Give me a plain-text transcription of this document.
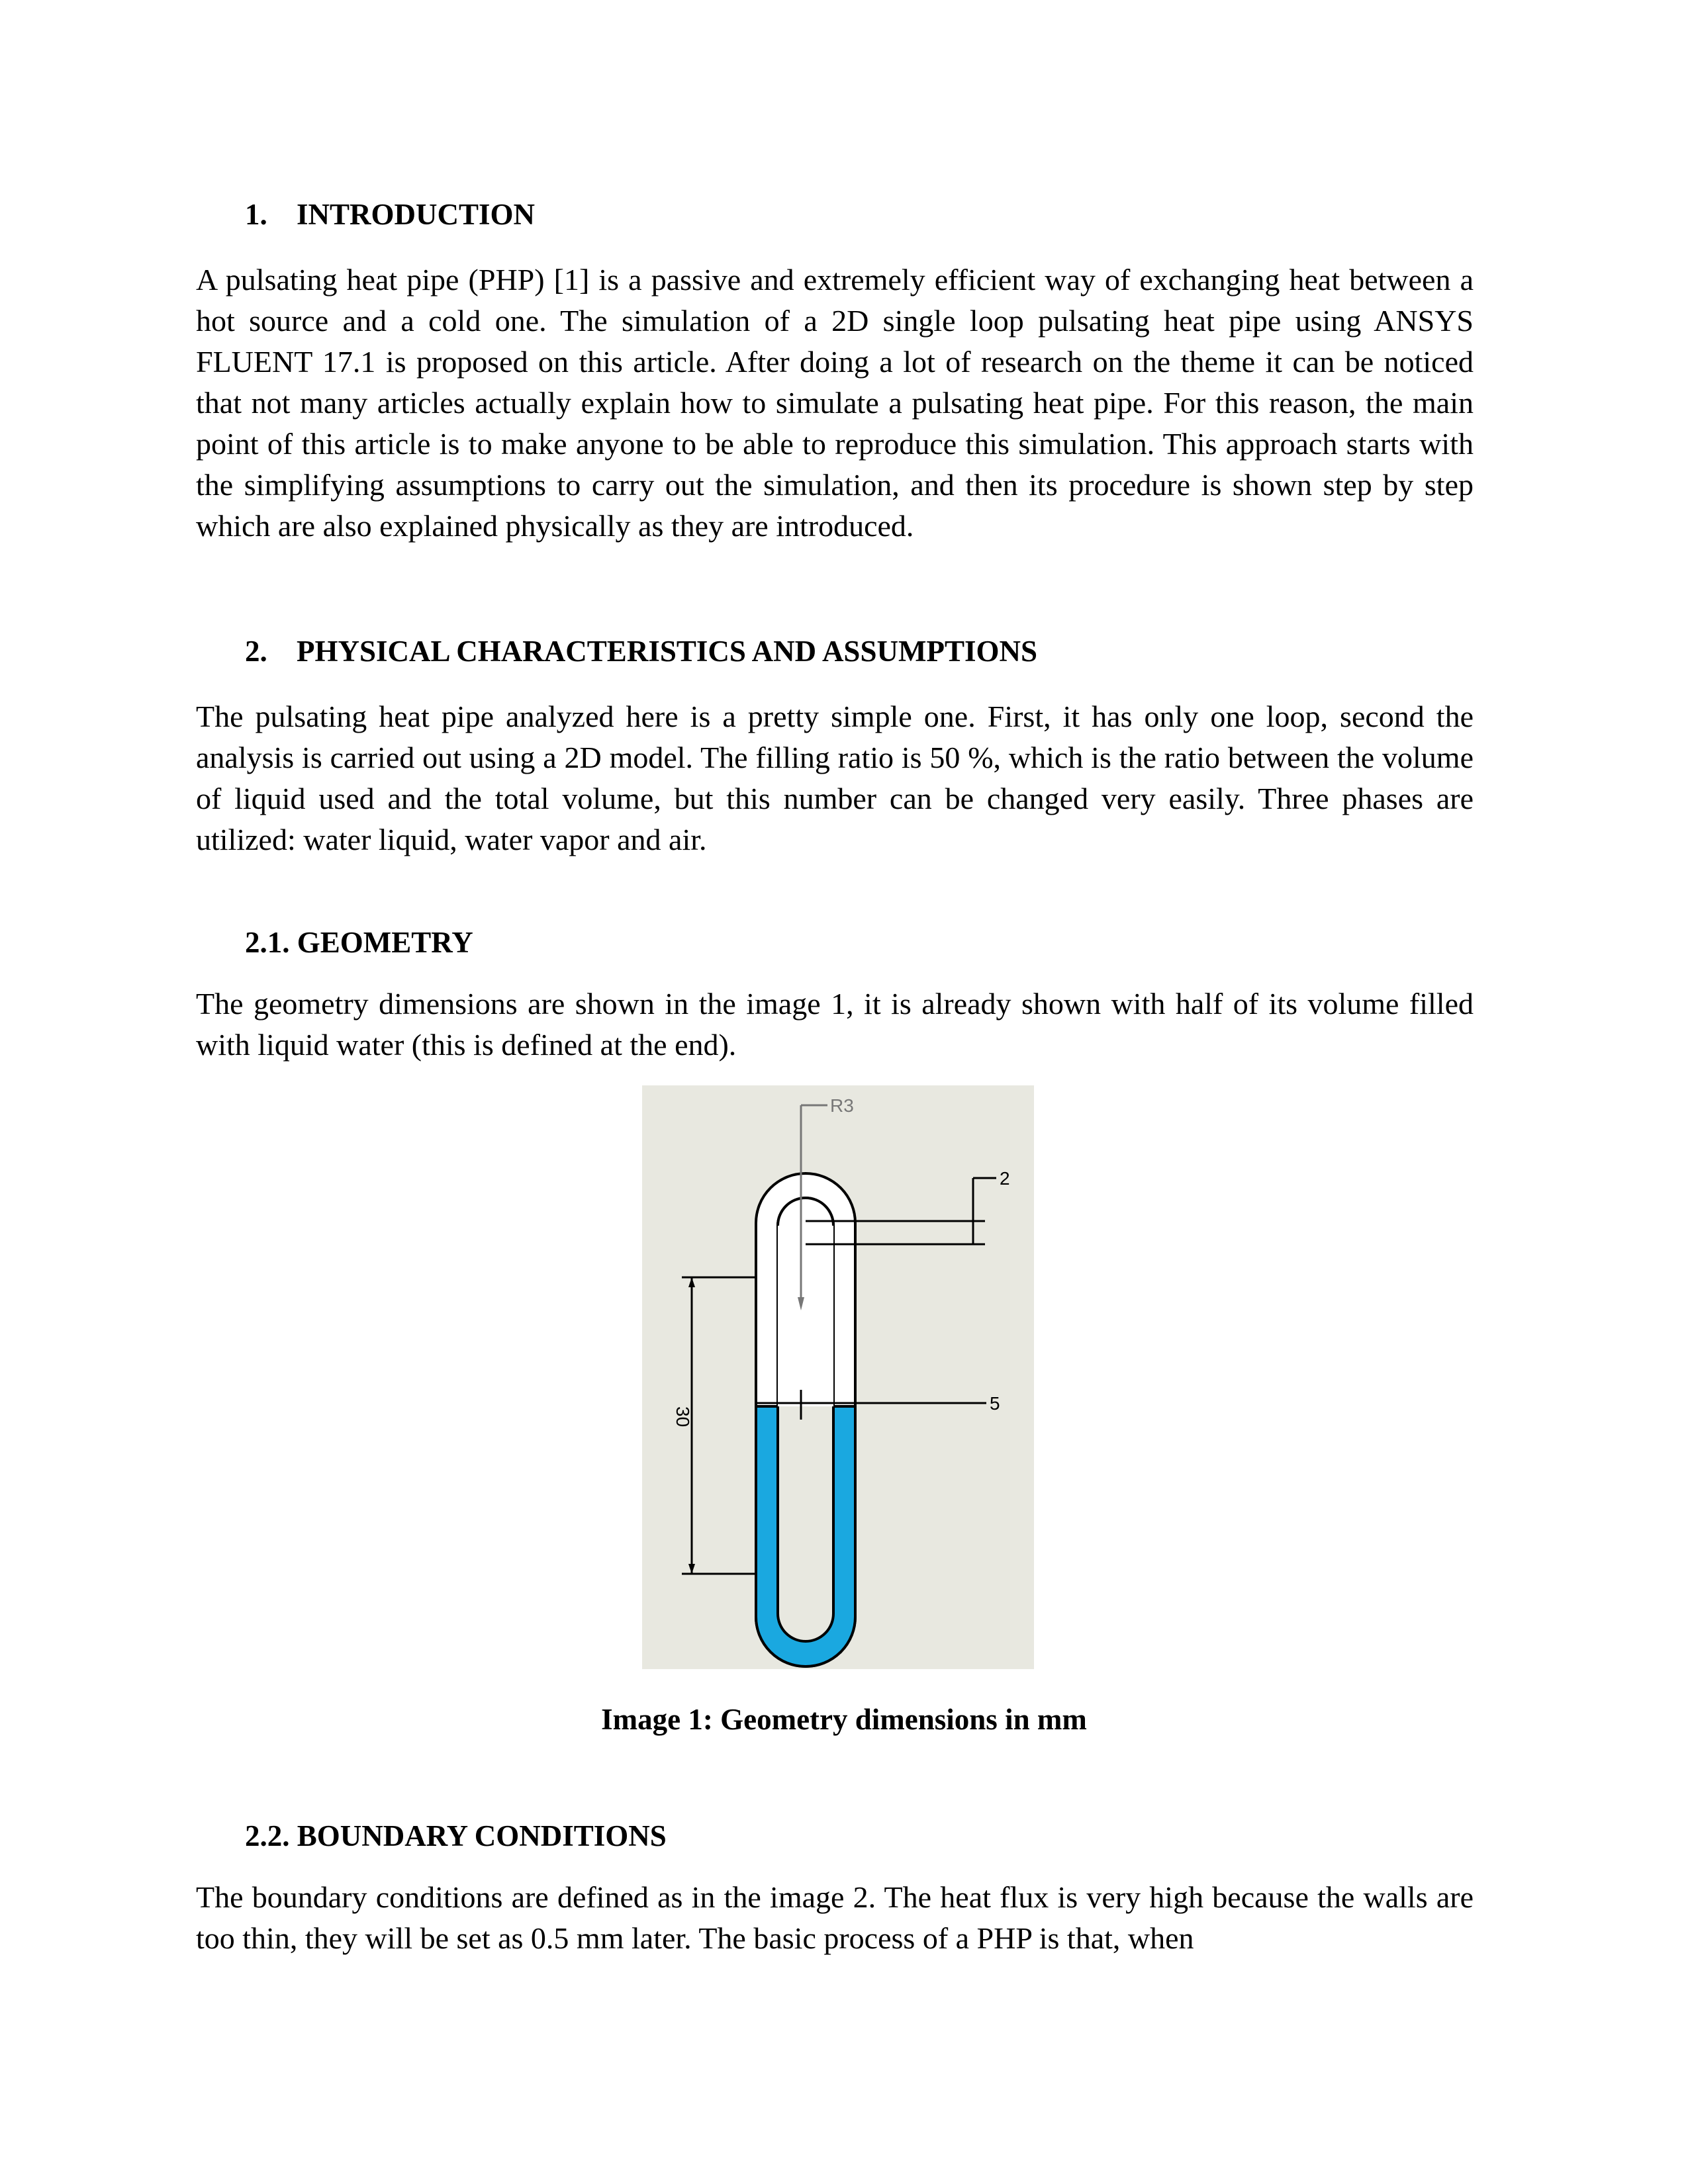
1. INTRODUCTION

A pulsating heat pipe (PHP) [1] is a passive and extremely efficient way of exchanging heat between a hot source and a cold one. The simulation of a 2D single loop pulsating heat pipe using ANSYS FLUENT 17.1 is proposed on this article. After doing a lot of research on the theme it can be noticed that not many articles actually explain how to simulate a pulsating heat pipe. For this reason, the main point of this article is to make anyone to be able to reproduce this simulation. This approach starts with the simplifying assumptions to carry out the simulation, and then its procedure is shown step by step which are also explained physically as they are introduced.

2. PHYSICAL CHARACTERISTICS AND ASSUMPTIONS

The pulsating heat pipe analyzed here is a pretty simple one. First, it has only one loop, second the analysis is carried out using a 2D model. The filling ratio is 50 %, which is the ratio between the volume of liquid used and the total volume, but this number can be changed very easily. Three phases are utilized: water liquid, water vapor and air.

2.1. GEOMETRY

The geometry dimensions are shown in the image 1, it is already shown with half of its volume filled with liquid water (this is defined at the end).

R3
2
30
5

Image 1: Geometry dimensions in mm

2.2. BOUNDARY CONDITIONS

The boundary conditions are defined as in the image 2. The heat flux is very high because the walls are too thin, they will be set as 0.5 mm later. The basic process of a PHP is that, when
